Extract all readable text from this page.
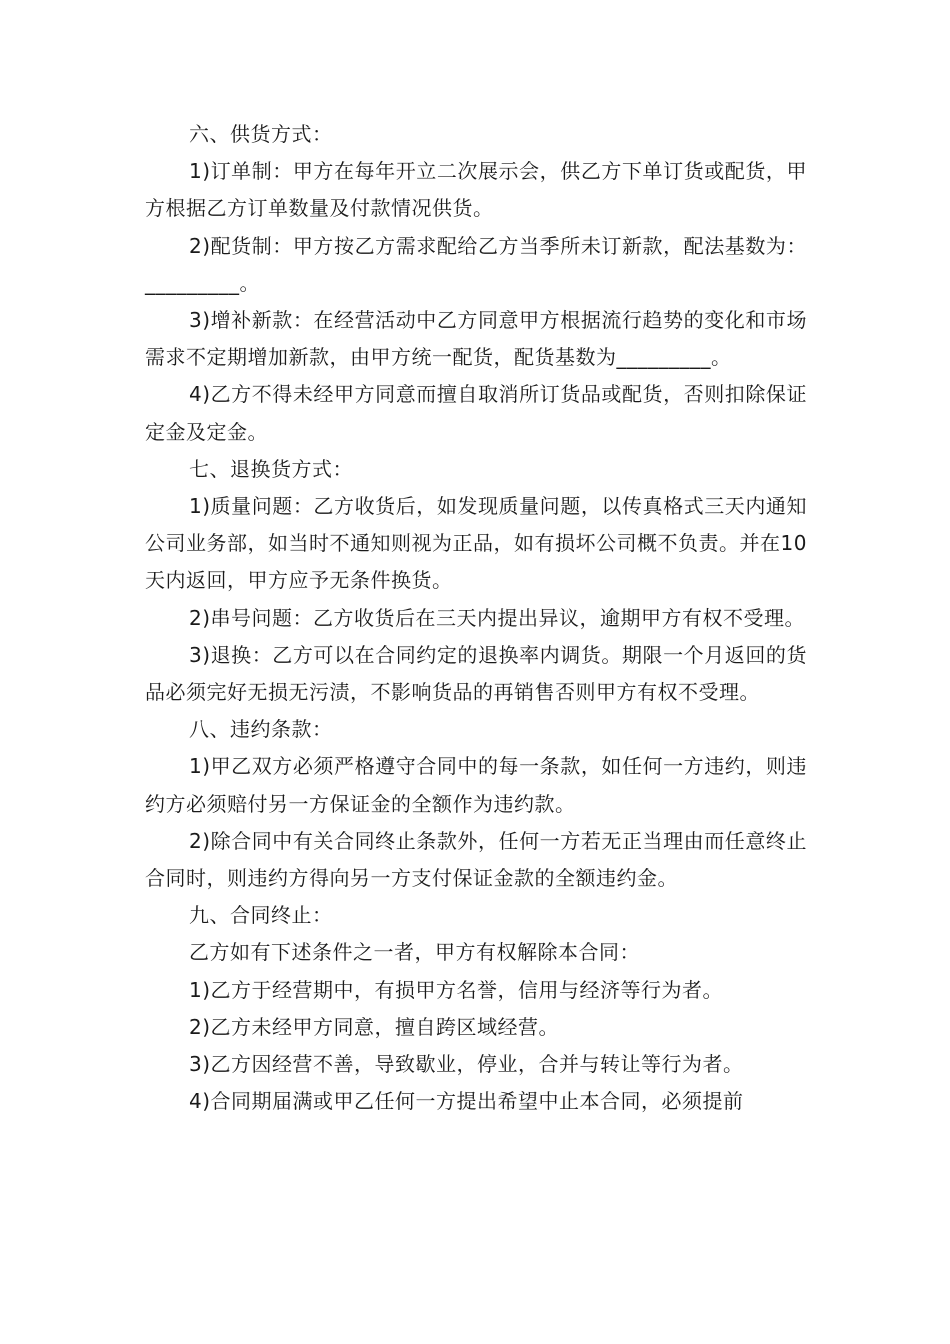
六、供货方式：

1)订单制：甲方在每年开立二次展示会，供乙方下单订货或配货，甲方根据乙方订单数量及付款情况供货。

2)配货制：甲方按乙方需求配给乙方当季所未订新款，配法基数为：_________。

3)增补新款：在经营活动中乙方同意甲方根据流行趋势的变化和市场需求不定期增加新款，由甲方统一配货，配货基数为_________。

4)乙方不得未经甲方同意而擅自取消所订货品或配货，否则扣除保证定金及定金。

七、退换货方式：

1)质量问题：乙方收货后，如发现质量问题，以传真格式三天内通知公司业务部，如当时不通知则视为正品，如有损坏公司概不负责。并在10天内返回，甲方应予无条件换货。

2)串号问题：乙方收货后在三天内提出异议，逾期甲方有权不受理。

3)退换：乙方可以在合同约定的退换率内调货。期限一个月返回的货品必须完好无损无污渍，不影响货品的再销售否则甲方有权不受理。

八、违约条款：

1)甲乙双方必须严格遵守合同中的每一条款，如任何一方违约，则违约方必须赔付另一方保证金的全额作为违约款。

2)除合同中有关合同终止条款外，任何一方若无正当理由而任意终止合同时，则违约方得向另一方支付保证金款的全额违约金。

九、合同终止：

乙方如有下述条件之一者，甲方有权解除本合同：

1)乙方于经营期中，有损甲方名誉，信用与经济等行为者。

2)乙方未经甲方同意，擅自跨区域经营。

3)乙方因经营不善，导致歇业，停业，合并与转让等行为者。

4)合同期届满或甲乙任何一方提出希望中止本合同，必须提前
